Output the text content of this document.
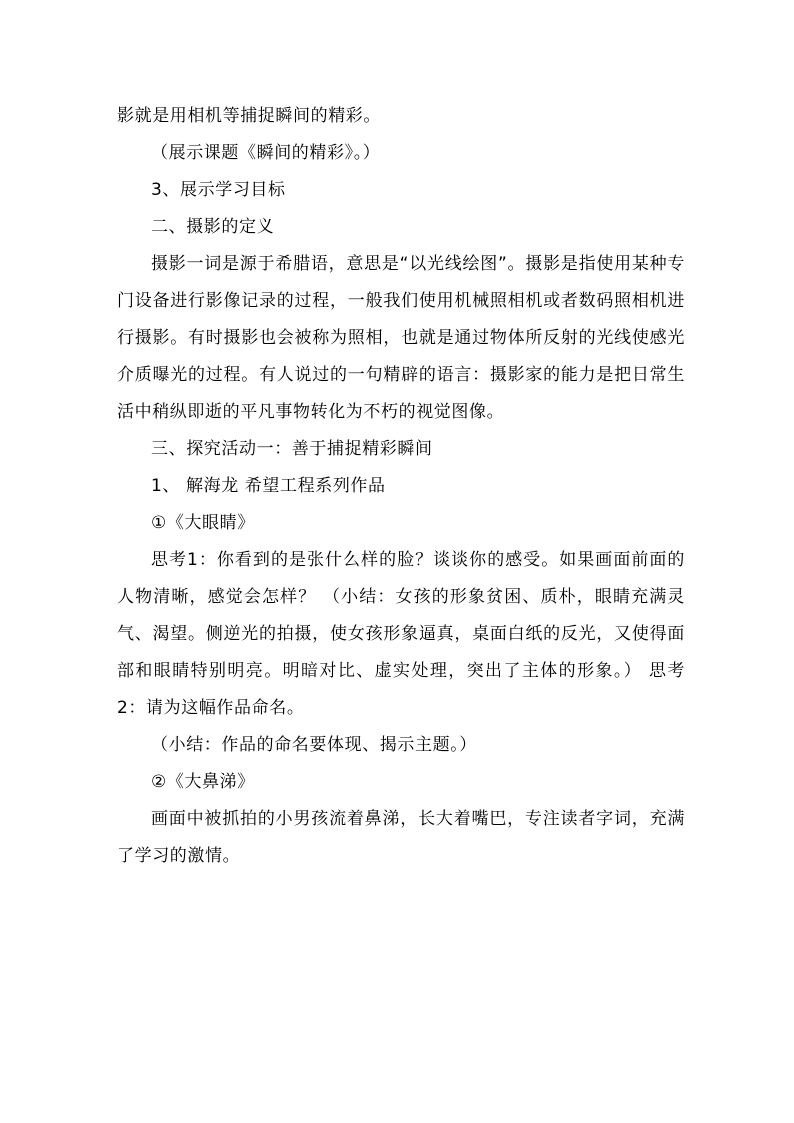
影就是用相机等捕捉瞬间的精彩。

（展示课题《瞬间的精彩》。）

3、展示学习目标

二、摄影的定义

摄影一词是源于希腊语，意思是“以光线绘图”。摄影是指使用某种专门设备进行影像记录的过程，一般我们使用机械照相机或者数码照相机进行摄影。有时摄影也会被称为照相，也就是通过物体所反射的光线使感光介质曝光的过程。有人说过的一句精辟的语言：摄影家的能力是把日常生活中稍纵即逝的平凡事物转化为不朽的视觉图像。

三、探究活动一：善于捕捉精彩瞬间

1、 解海龙 希望工程系列作品

①《大眼睛》

思考1：你看到的是张什么样的脸？谈谈你的感受。如果画面前面的人物清晰，感觉会怎样？ （小结：女孩的形象贫困、质朴，眼睛充满灵气、渴望。侧逆光的拍摄，使女孩形象逼真，桌面白纸的反光，又使得面部和眼睛特别明亮。明暗对比、虚实处理，突出了主体的形象。） 思考2：请为这幅作品命名。

（小结：作品的命名要体现、揭示主题。）

②《大鼻涕》

画面中被抓拍的小男孩流着鼻涕，长大着嘴巴，专注读者字词，充满了学习的激情。
